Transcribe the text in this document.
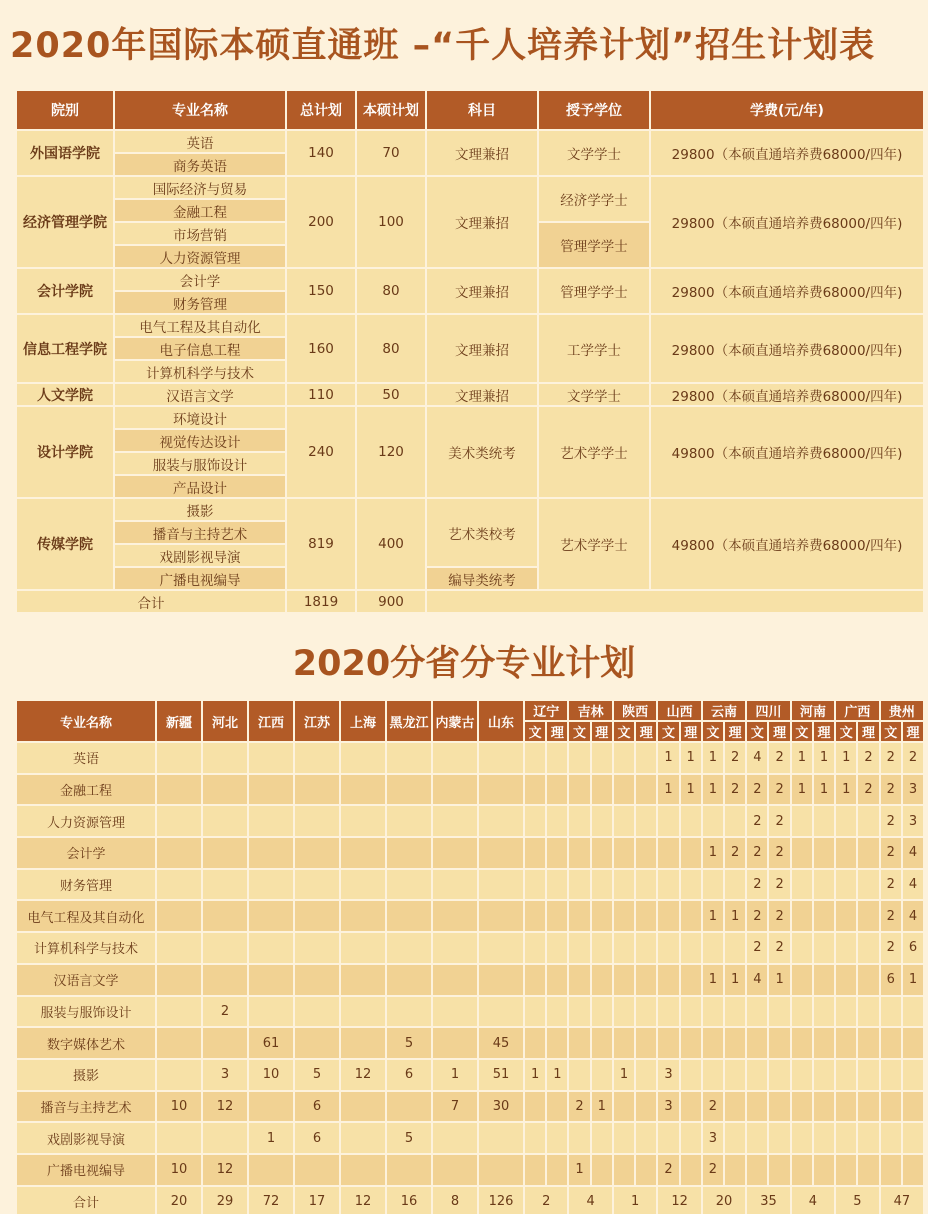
2020年国际本硕直通班 –“千人培养计划”招生计划表
院别	专业名称	总计划	本硕计划	科目	授予学位	学费(元/年)
外国语学院	英语	140	70	文理兼招	文学学士	29800（本硕直通培养费68000/四年)
	商务英语					
经济管理学院	国际经济与贸易	200	100	文理兼招	经济学学士	29800（本硕直通培养费68000/四年)
	金融工程					
	市场营销				管理学学士	
	人力资源管理					
会计学院	会计学	150	80	文理兼招	管理学学士	29800（本硕直通培养费68000/四年)
	财务管理					
信息工程学院	电气工程及其自动化	160	80	文理兼招	工学学士	29800（本硕直通培养费68000/四年)
	电子信息工程					
	计算机科学与技术					
人文学院	汉语言文学	110	50	文理兼招	文学学士	29800（本硕直通培养费68000/四年)
设计学院	环境设计	240	120	美术类统考	艺术学学士	49800（本硕直通培养费68000/四年)
	视觉传达设计					
	服装与服饰设计					
	产品设计					
传媒学院	摄影	819	400	艺术类校考	艺术学学士	49800（本硕直通培养费68000/四年)
	播音与主持艺术					
	戏剧影视导演					
	广播电视编导			编导类统考		
合计		1819	900			
2020分省分专业计划
专业名称	新疆	河北	江西	江苏	上海	黑龙江	内蒙古	山东	辽宁		吉林		陕西		山西		云南		四川		河南		广西		贵州	
									文	理	文	理	文	理	文	理	文	理	文	理	文	理	文	理	文	理
英语															1	1	1	2	4	2	1	1	1	2	2	2
金融工程															1	1	1	2	2	2	1	1	1	2	2	3
人力资源管理																			2	2					2	3
会计学																	1	2	2	2					2	4
财务管理																			2	2					2	4
电气工程及其自动化																	1	1	2	2					2	4
计算机科学与技术																			2	2					2	6
汉语言文学																	1	1	4	1					6	1
服装与服饰设计		2																								
数字媒体艺术			61			5		45																		
摄影		3	10	5	12	6	1	51	1	1			1		3											
播音与主持艺术	10	12		6			7	30			2	1			3		2									
戏剧影视导演			1	6		5											3									
广播电视编导	10	12									1				2		2									
合计	20	29	72	17	12	16	8	126	2		4		1		12		20		35		4		5		47	
